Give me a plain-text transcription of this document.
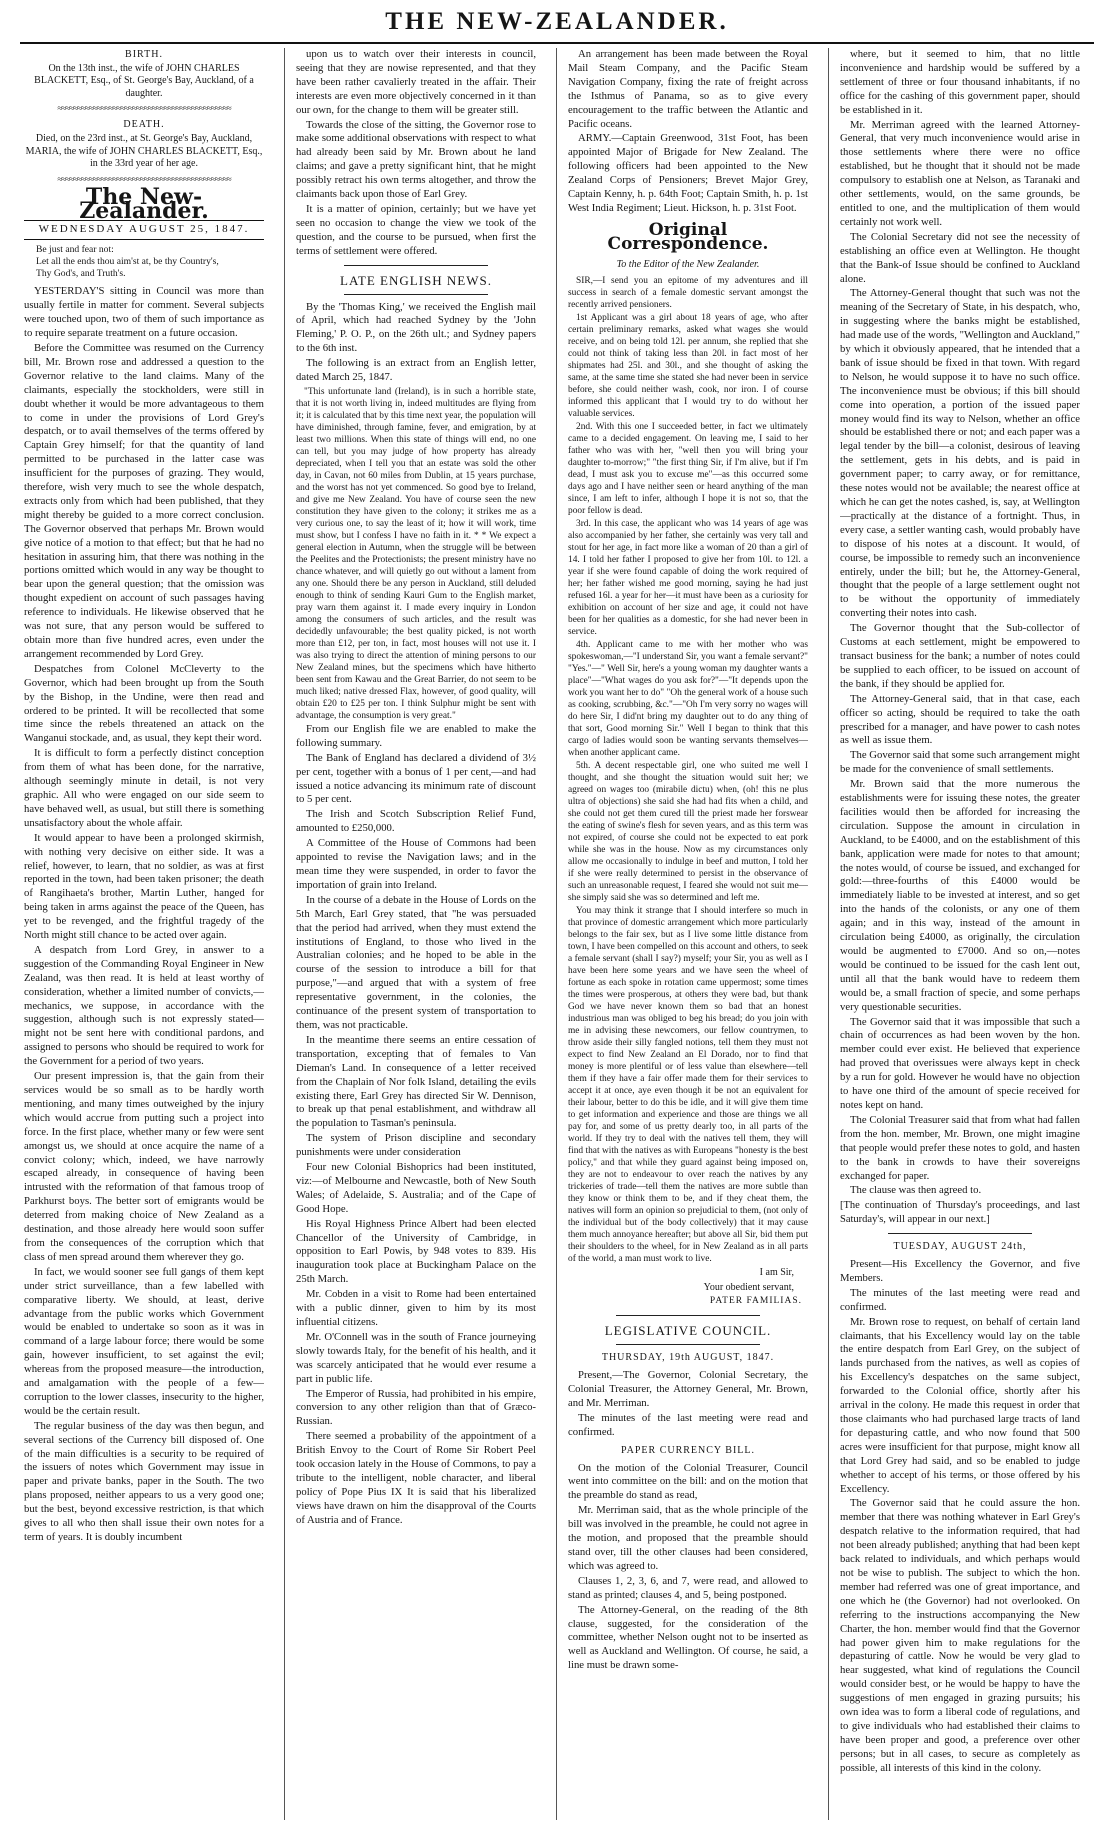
THE NEW-ZEALANDER.

BIRTH.

On the 13th inst., the wife of JOHN CHARLES BLACKETT, Esq., of St. George's Bay, Auckland, of a daughter.

≈≈≈≈≈≈≈≈≈≈≈≈≈≈≈≈≈≈≈≈≈≈≈≈≈≈≈≈≈≈≈≈≈≈≈≈≈≈≈≈≈≈≈≈

DEATH.

Died, on the 23rd inst., at St. George's Bay, Auckland, MARIA, the wife of JOHN CHARLES BLACKETT, Esq., in the 33rd year of her age.

≈≈≈≈≈≈≈≈≈≈≈≈≈≈≈≈≈≈≈≈≈≈≈≈≈≈≈≈≈≈≈≈≈≈≈≈≈≈≈≈≈≈≈≈
The New-Zealander.
WEDNESDAY AUGUST 25, 1847.
Be just and fear not:
Let all the ends thou aim'st at, be thy Country's,
Thy God's, and Truth's.

YESTERDAY'S sitting in Council was more than usually fertile in matter for comment. Several subjects were touched upon, two of them of such importance as to require separate treatment on a future occasion.

Before the Committee was resumed on the Currency bill, Mr. Brown rose and addressed a question to the Governor relative to the land claims. Many of the claimants, especially the stockholders, were still in doubt whether it would be more advantageous to them to come in under the provisions of Lord Grey's despatch, or to avail themselves of the terms offered by Captain Grey himself; for that the quantity of land permitted to be purchased in the latter case was insufficient for the purposes of grazing. They would, therefore, wish very much to see the whole despatch, extracts only from which had been published, that they might thereby be guided to a more correct conclusion. The Governor observed that perhaps Mr. Brown would give notice of a motion to that effect; but that he had no hesitation in assuring him, that there was nothing in the portions omitted which would in any way be thought to bear upon the general question; that the omission was thought expedient on account of such passages having reference to individuals. He likewise observed that he was not sure, that any person would be suffered to obtain more than five hundred acres, even under the arrangement recommended by Lord Grey.

Despatches from Colonel McCleverty to the Governor, which had been brought up from the South by the Bishop, in the Undine, were then read and ordered to be printed. It will be recollected that some time since the rebels threatened an attack on the Wanganui stockade, and, as usual, they kept their word.

It is difficult to form a perfectly distinct conception from them of what has been done, for the narrative, although seemingly minute in detail, is not very graphic. All who were engaged on our side seem to have behaved well, as usual, but still there is something unsatisfactory about the whole affair.

It would appear to have been a prolonged skirmish, with nothing very decisive on either side. It was a relief, however, to learn, that no soldier, as was at first reported in the town, had been taken prisoner; the death of Rangihaeta's brother, Martin Luther, hanged for being taken in arms against the peace of the Queen, has yet to be revenged, and the frightful tragedy of the North might still chance to be acted over again.

A despatch from Lord Grey, in answer to a suggestion of the Commanding Royal Engineer in New Zealand, was then read. It is held at least worthy of consideration, whether a limited number of convicts,—mechanics, we suppose, in accordance with the suggestion, although such is not expressly stated—might not be sent here with conditional pardons, and assigned to persons who should be required to work for the Government for a period of two years.

Our present impression is, that the gain from their services would be so small as to be hardly worth mentioning, and many times outweighed by the injury which would accrue from putting such a project into force. In the first place, whether many or few were sent amongst us, we should at once acquire the name of a convict colony; which, indeed, we have narrowly escaped already, in consequence of having been intrusted with the reformation of that famous troop of Parkhurst boys. The better sort of emigrants would be deterred from making choice of New Zealand as a destination, and those already here would soon suffer from the consequences of the corruption which that class of men spread around them wherever they go.

In fact, we would sooner see full gangs of them kept under strict surveillance, than a few labelled with comparative liberty. We should, at least, derive advantage from the public works which Government would be enabled to undertake so soon as it was in command of a large labour force; there would be some gain, however insufficient, to set against the evil; whereas from the proposed measure—the introduction, and amalgamation with the people of a few—corruption to the lower classes, insecurity to the higher, would be the certain result.

The regular business of the day was then begun, and several sections of the Currency bill disposed of. One of the main difficulties is a security to be required of the issuers of notes which Government may issue in paper and private banks, paper in the South. The two plans proposed, neither appears to us a very good one; but the best, beyond excessive restriction, is that which gives to all who then shall issue their own notes for a term of years. It is doubly incumbent

upon us to watch over their interests in council, seeing that they are nowise represented, and that they have been rather cavalierly treated in the affair. Their interests are even more objectively concerned in it than our own, for the change to them will be greater still.

Towards the close of the sitting, the Governor rose to make some additional observations with respect to what had already been said by Mr. Brown about he land claims; and gave a pretty significant hint, that he might possibly retract his own terms altogether, and throw the claimants back upon those of Earl Grey.

It is a matter of opinion, certainly; but we have yet seen no occasion to change the view we took of the question, and the course to be pursued, when first the terms of settlement were offered.

LATE ENGLISH NEWS.

By the 'Thomas King,' we received the English mail of April, which had reached Sydney by the 'John Fleming,' P. O. P., on the 26th ult.; and Sydney papers to the 6th inst.

The following is an extract from an English letter, dated March 25, 1847.

"This unfortunate land (Ireland), is in such a horrible state, that it is not worth living in, indeed multitudes are flying from it; it is calculated that by this time next year, the population will have diminished, through famine, fever, and emigration, by at least two millions. When this state of things will end, no one can tell, but you may judge of how property has already depreciated, when I tell you that an estate was sold the other day, in Cavan, not 60 miles from Dublin, at 15 years purchase, and the worst has not yet commenced. So good bye to Ireland, and give me New Zealand. You have of course seen the new constitution they have given to the colony; it strikes me as a very curious one, to say the least of it; how it will work, time must show, but I confess I have no faith in it. * * We expect a general election in Autumn, when the struggle will be between the Peelites and the Protectionists; the present ministry have no chance whatever, and will quietly go out without a lament from any one. Should there be any person in Auckland, still deluded enough to think of sending Kauri Gum to the English market, pray warn them against it. I made every inquiry in London among the consumers of such articles, and the result was decidedly unfavourable; the best quality picked, is not worth more than £12, per ton, in fact, most houses will not use it. I was also trying to direct the attention of mining persons to our New Zealand mines, but the specimens which have hitherto been sent from Kawau and the Great Barrier, do not seem to be much liked; native dressed Flax, however, of good quality, will obtain £20 to £25 per ton. I think Sulphur might be sent with advantage, the consumption is very great."

From our English file we are enabled to make the following summary.

The Bank of England has declared a dividend of 3½ per cent, together with a bonus of 1 per cent,—and had issued a notice advancing its minimum rate of discount to 5 per cent.

The Irish and Scotch Subscription Relief Fund, amounted to £250,000.

A Committee of the House of Commons had been appointed to revise the Navigation laws; and in the mean time they were suspended, in order to favor the importation of grain into Ireland.

In the course of a debate in the House of Lords on the 5th March, Earl Grey stated, that "he was persuaded that the period had arrived, when they must extend the institutions of England, to those who lived in the Australian colonies; and he hoped to be able in the course of the session to introduce a bill for that purpose,"—and argued that with a system of free representative government, in the colonies, the continuance of the present system of transportation to them, was not practicable.

In the meantime there seems an entire cessation of transportation, excepting that of females to Van Dieman's Land. In consequence of a letter received from the Chaplain of Nor folk Island, detailing the evils existing there, Earl Grey has directed Sir W. Dennison, to break up that penal establishment, and withdraw all the population to Tasman's peninsula.

The system of Prison discipline and secondary punishments were under consideration

Four new Colonial Bishoprics had been instituted, viz:—of Melbourne and Newcastle, both of New South Wales; of Adelaide, S. Australia; and of the Cape of Good Hope.

His Royal Highness Prince Albert had been elected Chancellor of the University of Cambridge, in opposition to Earl Powis, by 948 votes to 839. His inauguration took place at Buckingham Palace on the 25th March.

Mr. Cobden in a visit to Rome had been entertained with a public dinner, given to him by its most influential citizens.

Mr. O'Connell was in the south of France journeying slowly towards Italy, for the benefit of his health, and it was scarcely anticipated that he would ever resume a part in public life.

The Emperor of Russia, had prohibited in his empire, conversion to any other religion than that of Græco-Russian.

There seemed a probability of the appointment of a British Envoy to the Court of Rome Sir Robert Peel took occasion lately in the House of Commons, to pay a tribute to the intelligent, noble character, and liberal policy of Pope Pius IX It is said that his liberalized views have drawn on him the disapproval of the Courts of Austria and of France.

An arrangement has been made between the Royal Mail Steam Company, and the Pacific Steam Navigation Company, fixing the rate of freight across the Isthmus of Panama, so as to give every encouragement to the traffic between the Atlantic and Pacific oceans.

ARMY.—Captain Greenwood, 31st Foot, has been appointed Major of Brigade for New Zealand. The following officers had been appointed to the New Zealand Corps of Pensioners; Brevet Major Grey, Captain Kenny, h. p. 64th Foot; Captain Smith, h. p. 1st West India Regiment; Lieut. Hickson, h. p. 31st Foot.

Original Correspondence.

To the Editor of the New Zealander.

SIR,—I send you an epitome of my adventures and ill success in search of a female domestic servant amongst the recently arrived pensioners.

1st Applicant was a girl about 18 years of age, who after certain preliminary remarks, asked what wages she would receive, and on being told 12l. per annum, she replied that she could not think of taking less than 20l. in fact most of her shipmates had 25l. and 30l., and she thought of asking the same, at the same time she stated she had never been in service before, she could neither wash, cook, nor iron. I of course informed this applicant that I would try to do without her valuable services.

2nd. With this one I succeeded better, in fact we ultimately came to a decided engagement. On leaving me, I said to her father who was with her, "well then you will bring your daughter to-morrow;" "the first thing Sir, if I'm alive, but if I'm dead, I must ask you to excuse me"—as this occurred some days ago and I have neither seen or heard anything of the man since, I am left to infer, although I hope it is not so, that the poor fellow is dead.

3rd. In this case, the applicant who was 14 years of age was also accompanied by her father, she certainly was very tall and stout for her age, in fact more like a woman of 20 than a girl of 14. I told her father I proposed to give her from 10l. to 12l. a year if she were found capable of doing the work required of her; her father wished me good morning, saying he had just refused 16l. a year for her—it must have been as a curiosity for exhibition on account of her size and age, it could not have been for her qualities as a domestic, for she had never been in service.

4th. Applicant came to me with her mother who was spokeswoman,—"I understand Sir, you want a female servant?" "Yes."—" Well Sir, here's a young woman my daughter wants a place"—"What wages do you ask for?"—"It depends upon the work you want her to do" "Oh the general work of a house such as cooking, scrubbing, &c."—"Oh I'm very sorry no wages will do here Sir, I did'nt bring my daughter out to do any thing of that sort, Good morning Sir." Well I began to think that this cargo of ladies would soon be wanting servants themselves—when another applicant came.

5th. A decent respectable girl, one who suited me well I thought, and she thought the situation would suit her; we agreed on wages too (mirabile dictu) when, (oh! this ne plus ultra of objections) she said she had had fits when a child, and she could not get them cured till the priest made her forswear the eating of swine's flesh for seven years, and as this term was not expired, of course she could not be expected to eat pork while she was in the house. Now as my circumstances only allow me occasionally to indulge in beef and mutton, I told her if she were really determined to persist in the observance of such an unreasonable request, I feared she would not suit me—she simply said she was so determined and left me.

You may think it strange that I should interfere so much in that province of domestic arrangement which more particularly belongs to the fair sex, but as I live some little distance from town, I have been compelled on this account and others, to seek a female servant (shall I say?) myself; your Sir, you as well as I have been here some years and we have seen the wheel of fortune as each spoke in rotation came uppermost; some times the times were prosperous, at others they were bad, but thank God we have never known them so bad that an honest industrious man was obliged to beg his bread; do you join with me in advising these newcomers, our fellow countrymen, to throw aside their silly fangled notions, tell them they must not expect to find New Zealand an El Dorado, nor to find that money is more plentiful or of less value than elsewhere—tell them if they have a fair offer made them for their services to accept it at once, aye even though it be not an equivalent for their labour, better to do this be idle, and it will give them time to get information and experience and those are things we all pay for, and some of us pretty dearly too, in all parts of the world. If they try to deal with the natives tell them, they will find that with the natives as with Europeans "honesty is the best policy," and that while they guard against being imposed on, they are not to endeavour to over reach the natives by any trickeries of trade—tell them the natives are more subtle than they know or think them to be, and if they cheat them, the natives will form an opinion so prejudicial to them, (not only of the individual but of the body collectively) that it may cause them much annoyance hereafter; but above all Sir, bid them put their shoulders to the wheel, for in New Zealand as in all parts of the world, a man must work to live.

I am Sir,

Your obedient servant,

PATER FAMILIAS.

LEGISLATIVE COUNCIL.

THURSDAY, 19th AUGUST, 1847.

Present,—The Governor, Colonial Secretary, the Colonial Treasurer, the Attorney General, Mr. Brown, and Mr. Merriman.

The minutes of the last meeting were read and confirmed.

PAPER CURRENCY BILL.

On the motion of the Colonial Treasurer, Council went into committee on the bill: and on the motion that the preamble do stand as read,

Mr. Merriman said, that as the whole principle of the bill was involved in the preamble, he could not agree in the motion, and proposed that the preamble should stand over, till the other clauses had been considered, which was agreed to.

Clauses 1, 2, 3, 6, and 7, were read, and allowed to stand as printed; clauses 4, and 5, being postponed.

The Attorney-General, on the reading of the 8th clause, suggested, for the consideration of the committee, whether Nelson ought not to be inserted as well as Auckland and Wellington. Of course, he said, a line must be drawn some-

where, but it seemed to him, that no little inconvenience and hardship would be suffered by a settlement of three or four thousand inhabitants, if no office for the cashing of this government paper, should be established in it.

Mr. Merriman agreed with the learned Attorney-General, that very much inconvenience would arise in those settlements where there were no office established, but he thought that it should not be made compulsory to establish one at Nelson, as Taranaki and other settlements, would, on the same grounds, be entitled to one, and the multiplication of them would certainly not work well.

The Colonial Secretary did not see the necessity of establishing an office even at Wellington. He thought that the Bank-of Issue should be confined to Auckland alone.

The Attorney-General thought that such was not the meaning of the Secretary of State, in his despatch, who, in suggesting where the banks might be established, had made use of the words, "Wellington and Auckland," by which it obviously appeared, that he intended that a bank of issue should be fixed in that town. With regard to Nelson, he would suppose it to have no such office. The inconvenience must be obvious; if this bill should come into operation, a portion of the issued paper money would find its way to Nelson, whether an office should be established there or not; and each paper was a legal tender by the bill—a colonist, desirous of leaving the settlement, gets in his debts, and is paid in government paper; to carry away, or for remittance, these notes would not be available; the nearest office at which he can get the notes cashed, is, say, at Wellington—practically at the distance of a fortnight. Thus, in every case, a settler wanting cash, would probably have to dispose of his notes at a discount. It would, of course, be impossible to remedy such an inconvenience entirely, under the bill; but he, the Attorney-General, thought that the people of a large settlement ought not to be without the opportunity of immediately converting their notes into cash.

The Governor thought that the Sub-collector of Customs at each settlement, might be empowered to transact business for the bank; a number of notes could be supplied to each officer, to be issued on account of the bank, if they should be applied for.

The Attorney-General said, that in that case, each officer so acting, should be required to take the oath prescribed for a manager, and have power to cash notes as well as issue them.

The Governor said that some such arrangement might be made for the convenience of small settlements.

Mr. Brown said that the more numerous the establishments were for issuing these notes, the greater facilities would then be afforded for increasing the circulation. Suppose the amount in circulation in Auckland, to be £4000, and on the establishment of this bank, application were made for notes to that amount; the notes would, of course be issued, and exchanged for gold:—three-fourths of this £4000 would be immediately liable to be invested at interest, and so get into the hands of the colonists, or any one of them again; and in this way, instead of the amount in circulation being £4000, as originally, the circulation would be augmented to £7000. And so on,—notes would be continued to be issued for the cash lent out, until all that the bank would have to redeem them would be, a small fraction of specie, and some perhaps very questionable securities.

The Governor said that it was impossible that such a chain of occurrences as had been woven by the hon. member could ever exist. He believed that experience had proved that overissues were always kept in check by a run for gold. However he would have no objection to have one third of the amount of specie received for notes kept on hand.

The Colonial Treasurer said that from what had fallen from the hon. member, Mr. Brown, one might imagine that people would prefer these notes to gold, and hasten to the bank in crowds to have their sovereigns exchanged for paper.

The clause was then agreed to.

[The continuation of Thursday's proceedings, and last Saturday's, will appear in our next.]

TUESDAY, AUGUST 24th,

Present—His Excellency the Governor, and five Members.

The minutes of the last meeting were read and confirmed.

Mr. Brown rose to request, on behalf of certain land claimants, that his Excellency would lay on the table the entire despatch from Earl Grey, on the subject of lands purchased from the natives, as well as copies of his Excellency's despatches on the same subject, forwarded to the Colonial office, shortly after his arrival in the colony. He made this request in order that those claimants who had purchased large tracts of land for depasturing cattle, and who now found that 500 acres were insufficient for that purpose, might know all that Lord Grey had said, and so be enabled to judge whether to accept of his terms, or those offered by his Excellency.

The Governor said that he could assure the hon. member that there was nothing whatever in Earl Grey's despatch relative to the information required, that had not been already published; anything that had been kept back related to individuals, and which perhaps would not be wise to publish. The subject to which the hon. member had referred was one of great importance, and one which he (the Governor) had not overlooked. On referring to the instructions accompanying the New Charter, the hon. member would find that the Governor had power given him to make regulations for the depasturing of cattle. Now he would be very glad to hear suggested, what kind of regulations the Council would consider best, or he would be happy to have the suggestions of men engaged in grazing pursuits; his own idea was to form a liberal code of regulations, and to give individuals who had established their claims to have been proper and good, a preference over other persons; but in all cases, to secure as completely as possible, all interests of this kind in the colony.
